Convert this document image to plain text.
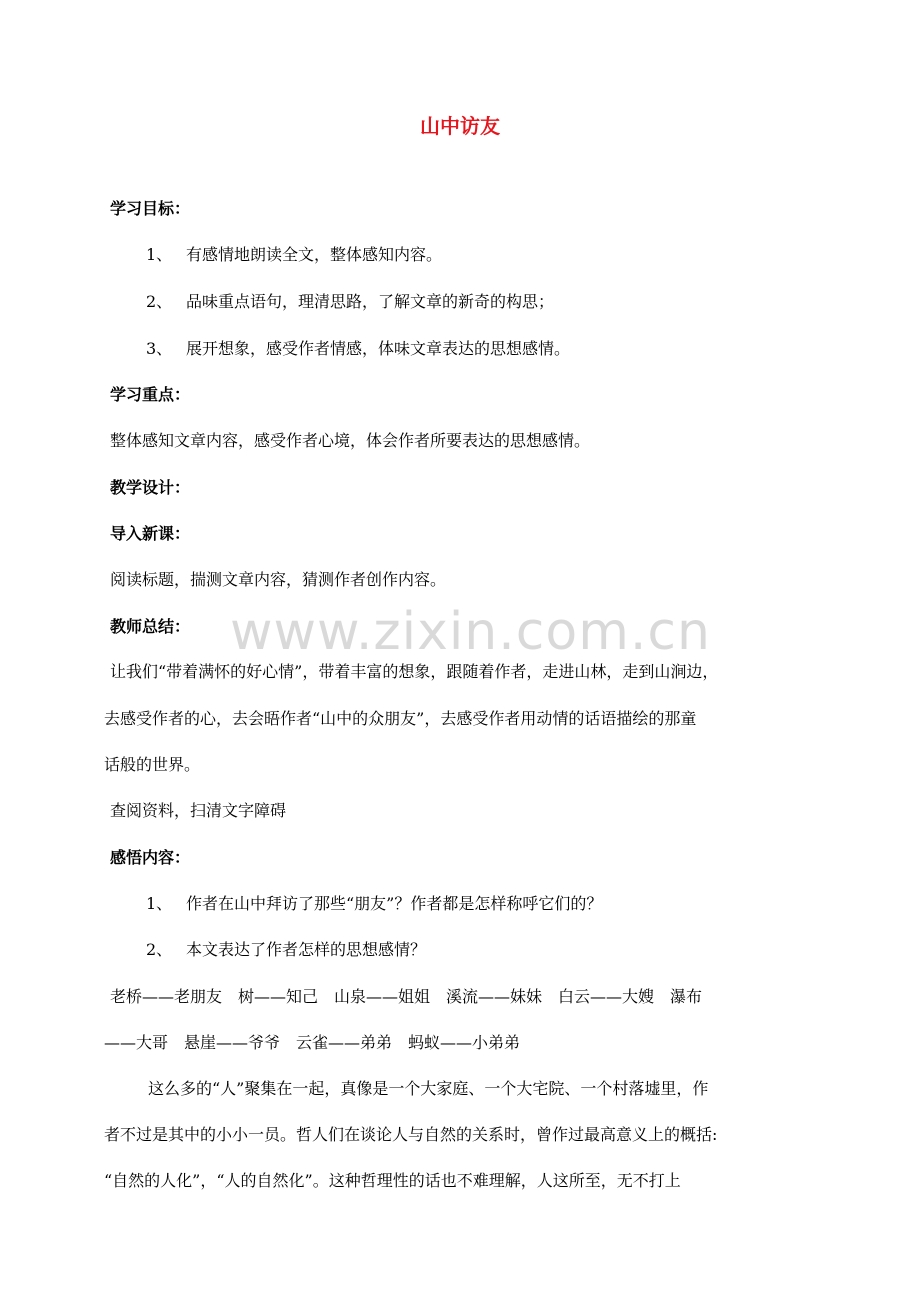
www.zixin.com.cn
山中访友
学习目标：
1、 有感情地朗读全文，整体感知内容。
2、 品味重点语句，理清思路，了解文章的新奇的构思；
3、 展开想象，感受作者情感，体味文章表达的思想感情。
学习重点：
整体感知文章内容，感受作者心境，体会作者所要表达的思想感情。
教学设计：
导入新课：
阅读标题，揣测文章内容，猜测作者创作内容。
教师总结：
让我们“带着满怀的好心情”，带着丰富的想象，跟随着作者，走进山林，走到山涧边，
去感受作者的心，去会晤作者“山中的众朋友”，去感受作者用动情的话语描绘的那童
话般的世界。
查阅资料，扫清文字障碍
感悟内容：
1、 作者在山中拜访了那些“朋友”？作者都是怎样称呼它们的？
2、 本文表达了作者怎样的思想感情？
老桥——老朋友　树——知己　山泉——姐姐　溪流——妹妹　白云——大嫂　瀑布
——大哥　悬崖——爷爷　云雀——弟弟　蚂蚁——小弟弟
这么多的“人”聚集在一起，真像是一个大家庭、一个大宅院、一个村落墟里，作
者不过是其中的小小一员。哲人们在谈论人与自然的关系时，曾作过最高意义上的概括:
“自然的人化”，“人的自然化”。这种哲理性的话也不难理解，人这所至，无不打上
